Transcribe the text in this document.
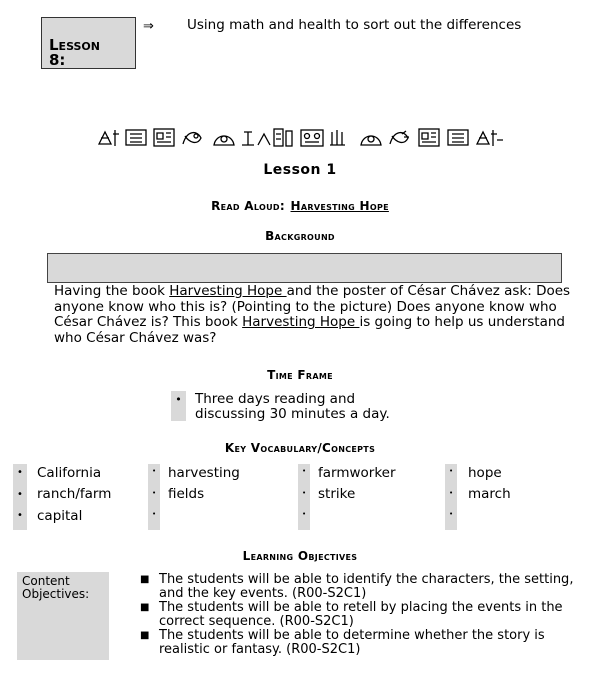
Lesson
8:
⇒ Using math and health to sort out the differences
Lesson 1
Read Aloud: Harvesting Hope
Background
Having the book Harvesting Hope and the poster of César Chávez ask: Does anyone know who this is? (Pointing to the picture) Does anyone know who César Chávez is? This book Harvesting Hope is going to help us understand who César Chávez was?
Time Frame
• Three days reading and
discussing 30 minutes a day.
Key Vocabulary/Concepts
•
•
•
•
•
•
•
•
•
•
•
•
California
ranch/farm
capital
harvesting
fields
farmworker
strike
hope
march
Learning Objectives
Content
Objectives:

■ The students will be able to identify the characters, the setting, and the key events. (R00-S2C1)

■ The students will be able to retell by placing the events in the correct sequence. (R00-S2C1)

■ The students will be able to determine whether the story is realistic or fantasy. (R00-S2C1)
